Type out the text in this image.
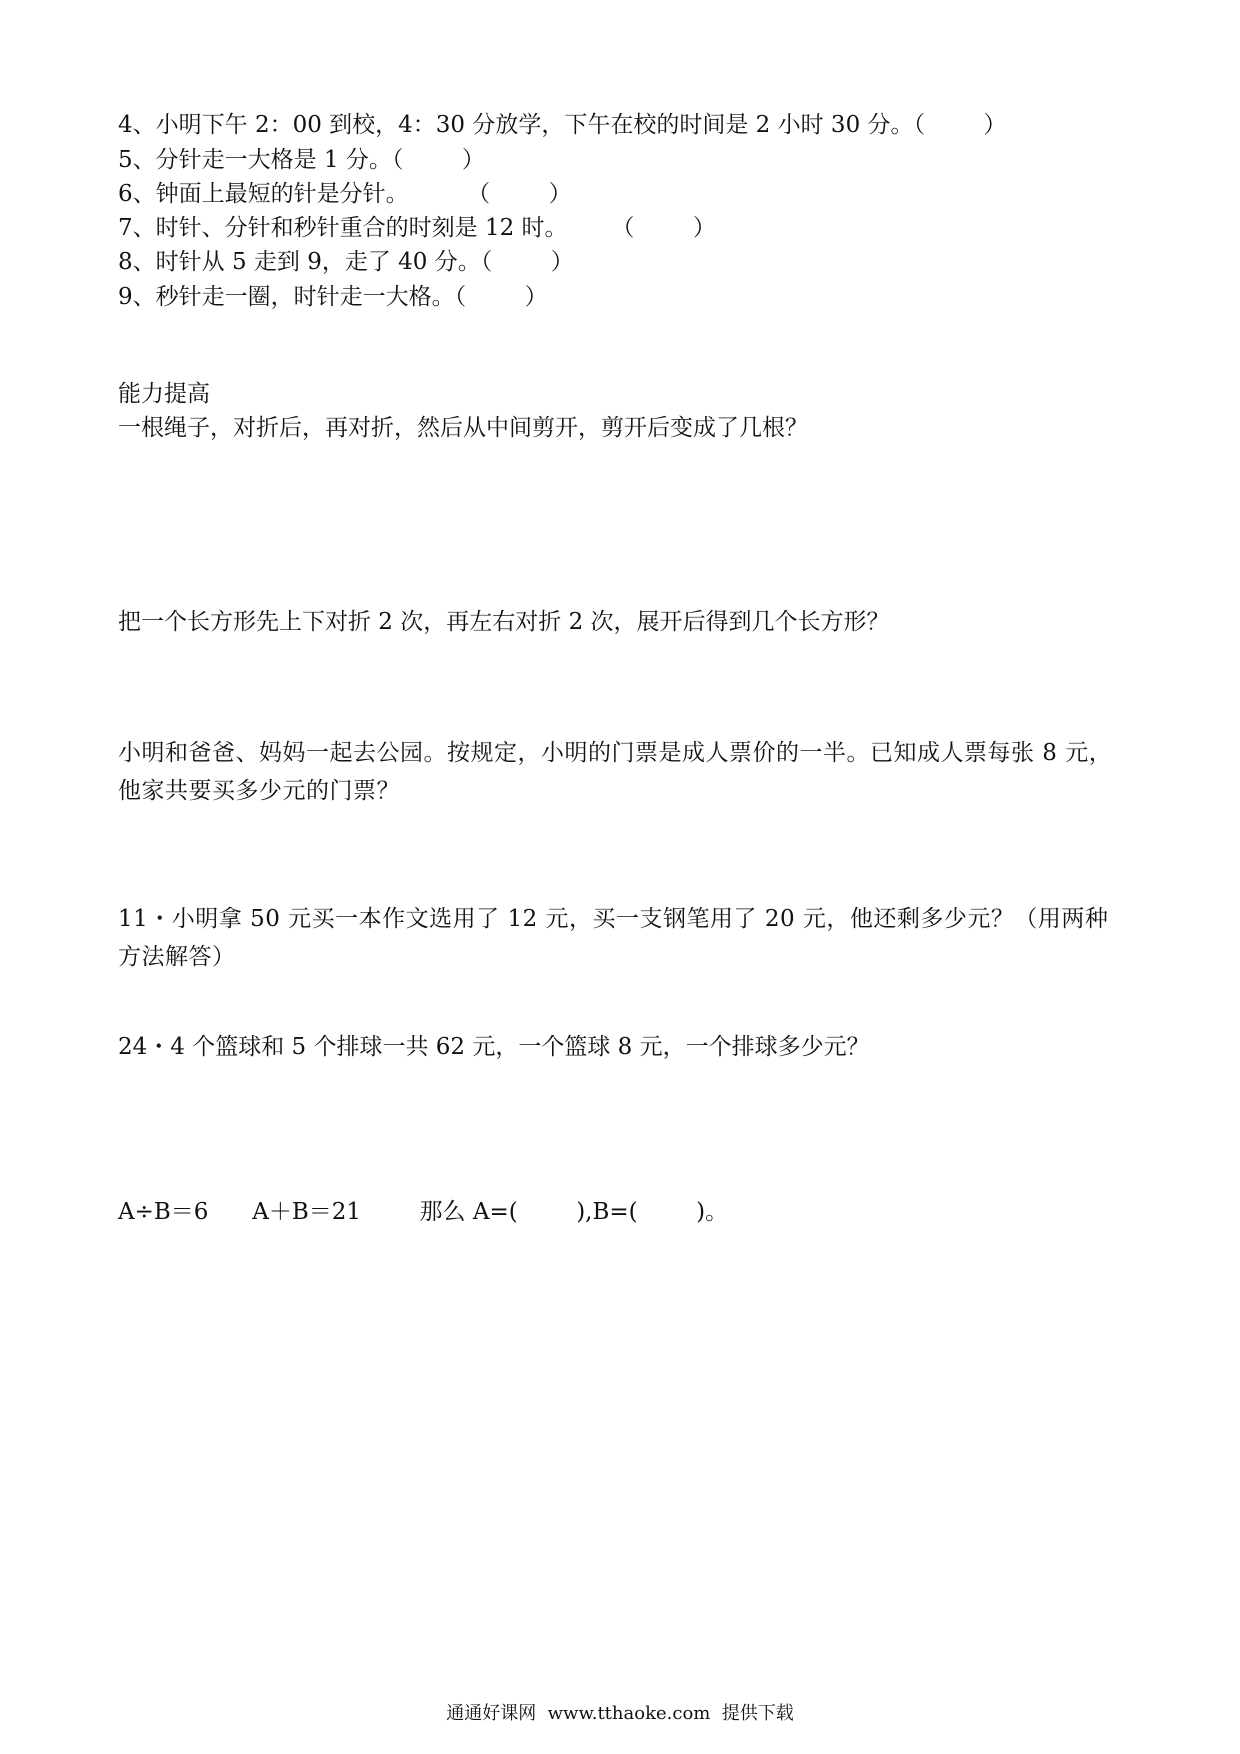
4、小明下午 2：00 到校，4：30 分放学，下午在校的时间是 2 小时 30 分。（        ）
5、分针走一大格是 1 分。（        ）
6、钟面上最短的针是分针。        （        ）
7、时针、分针和秒针重合的时刻是 12 时。      （        ）
8、时针从 5 走到 9，走了 40 分。（        ）
9、秒针走一圈，时针走一大格。（        ）
能力提高
一根绳子，对折后，再对折，然后从中间剪开，剪开后变成了几根？
把一个长方形先上下对折 2 次，再左右对折 2 次，展开后得到几个长方形？
小明和爸爸、妈妈一起去公园。按规定，小明的门票是成人票价的一半。已知成人票每张 8 元，他家共要买多少元的门票？
11・小明拿 50 元买一本作文选用了 12 元，买一支钢笔用了 20 元，他还剩多少元？（用两种方法解答）
24・4 个篮球和 5 个排球一共 62 元，一个篮球 8 元，一个排球多少元？
A÷B＝6      A＋B＝21        那么 A=(        ),B=(        )。
通通好课网  www.tthaoke.com  提供下载
